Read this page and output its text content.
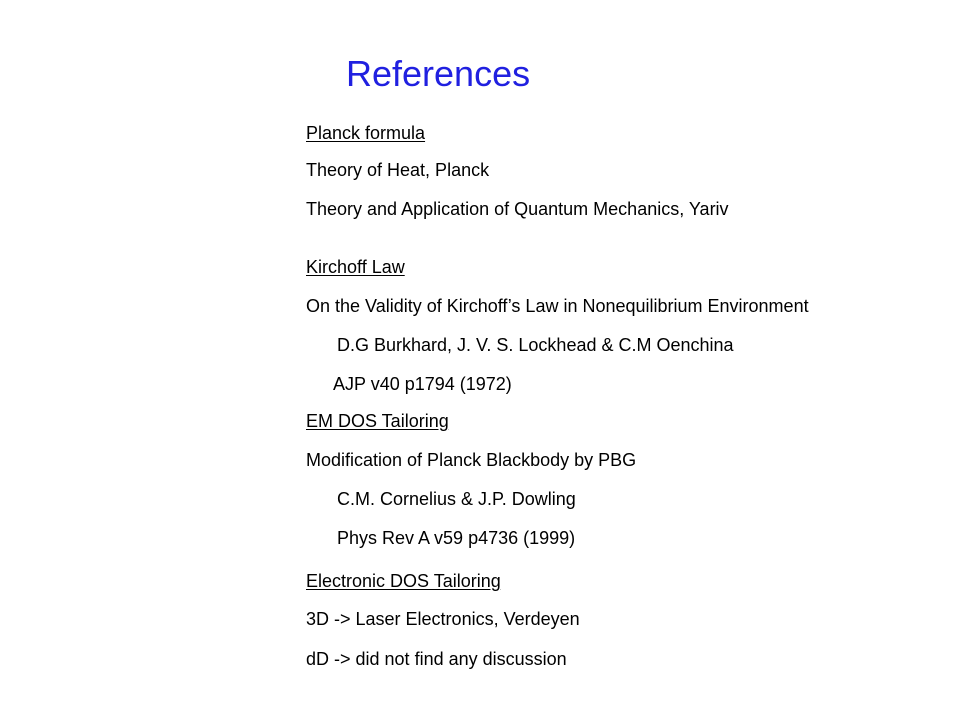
References
Planck formula
Theory of Heat, Planck
Theory and Application of Quantum Mechanics, Yariv
Kirchoff Law
On the Validity of Kirchoff’s Law in Nonequilibrium Environment
D.G Burkhard, J. V. S. Lockhead & C.M Oenchina
AJP v40 p1794 (1972)
EM DOS Tailoring
Modification of Planck Blackbody by PBG
C.M. Cornelius & J.P. Dowling
Phys Rev A v59 p4736 (1999)
Electronic DOS Tailoring
3D -> Laser Electronics, Verdeyen
dD -> did not find any discussion
